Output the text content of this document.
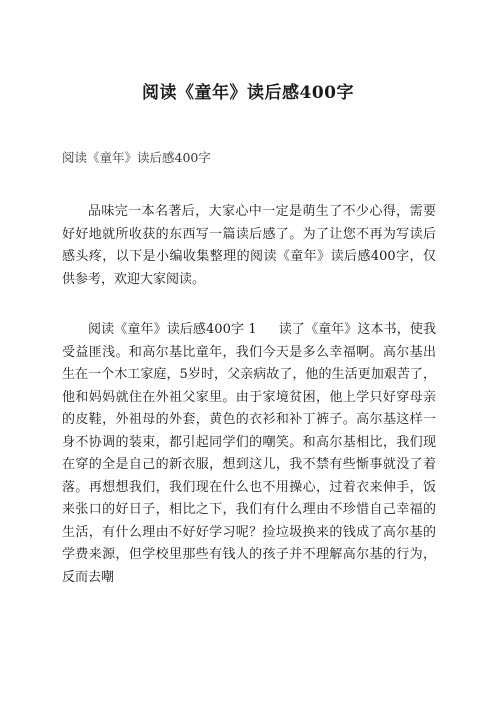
阅读《童年》读后感400字

阅读《童年》读后感400字

品味完一本名著后，大家心中一定是萌生了不少心得，需要好好地就所收获的东西写一篇读后感了。为了让您不再为写读后感头疼，以下是小编收集整理的阅读《童年》读后感400字，仅供参考，欢迎大家阅读。

阅读《童年》读后感400字 1 读了《童年》这本书，使我受益匪浅。和高尔基比童年，我们今天是多么幸福啊。高尔基出生在一个木工家庭，5岁时，父亲病故了，他的生活更加艰苦了，他和妈妈就住在外祖父家里。由于家境贫困，他上学只好穿母亲的皮鞋，外祖母的外套，黄色的衣衫和补丁裤子。高尔基这样一身不协调的装束，都引起同学们的嘲笑。和高尔基相比，我们现在穿的全是自己的新衣服，想到这儿，我不禁有些惭事就没了着落。再想想我们，我们现在什么也不用操心，过着衣来伸手，饭来张口的好日子，相比之下，我们有什么理由不珍惜自己幸福的生活，有什么理由不好好学习呢？捡垃圾换来的钱成了高尔基的学费来源，但学校里那些有钱人的孩子并不理解高尔基的行为，反而去嘲
